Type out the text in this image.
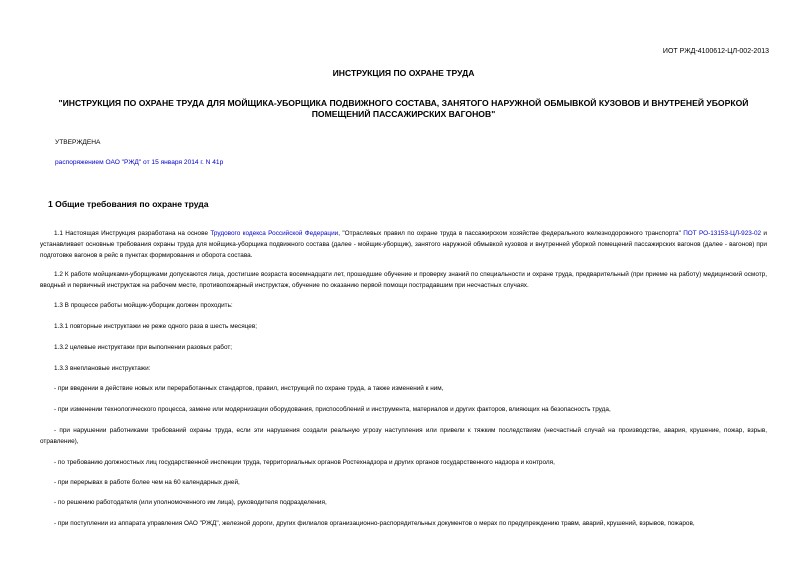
ИОТ РЖД-4100612-ЦЛ-002-2013
ИНСТРУКЦИЯ ПО ОХРАНЕ ТРУДА
"ИНСТРУКЦИЯ ПО ОХРАНЕ ТРУДА ДЛЯ МОЙЩИКА-УБОРЩИКА ПОДВИЖНОГО СОСТАВА, ЗАНЯТОГО НАРУЖНОЙ ОБМЫВКОЙ КУЗОВОВ И ВНУТРЕНЕЙ УБОРКОЙ ПОМЕЩЕНИЙ ПАССАЖИРСКИХ ВАГОНОВ"
УТВЕРЖДЕНА
распоряжением ОАО "РЖД" от 15 января 2014 г. N 41р
1 Общие требования по охране труда
1.1 Настоящая Инструкция разработана на основе Трудового кодекса Российской Федерации, "Отраслевых правил по охране труда в пассажирском хозяйстве федерального железнодорожного транспорта" ПОТ РО-13153-ЦЛ-923-02 и устанавливает основные требования охраны труда для мойщика-уборщика подвижного состава (далее - мойщик-уборщик), занятого наружной обмывкой кузовов и внутренней уборкой помещений пассажирских вагонов (далее - вагонов) при подготовке вагонов в рейс в пунктах формирования и оборота состава.
1.2 К работе мойщиками-уборщиками допускаются лица, достигшие возраста восемнадцати лет, прошедшие обучение и проверку знаний по специальности и охране труда, предварительный (при приеме на работу) медицинский осмотр, вводный и первичный инструктаж на рабочем месте, противопожарный инструктаж, обучение по оказанию первой помощи пострадавшим при несчастных случаях.
1.3 В процессе работы мойщик-уборщик должен проходить:
1.3.1 повторные инструктажи не реже одного раза в шесть месяцев;
1.3.2 целевые инструктажи при выполнении разовых работ;
1.3.3 внеплановые инструктажи:
- при введении в действие новых или переработанных стандартов, правил, инструкций по охране труда, а также изменений к ним,
- при изменении технологического процесса, замене или модернизации оборудования, приспособлений и инструмента, материалов и других факторов, влияющих на безопасность труда,
- при нарушении работниками требований охраны труда, если эти нарушения создали реальную угрозу наступления или привели к тяжким последствиям (несчастный случай на производстве, авария, крушение, пожар, взрыв, отравление),
- по требованию должностных лиц государственной инспекции труда, территориальных органов Ростехнадзора и других органов государственного надзора и контроля,
- при перерывах в работе более чем на 60 календарных дней,
- по решению работодателя (или уполномоченного им лица), руководителя подразделения,
- при поступлении из аппарата управления ОАО "РЖД", железной дороги, других филиалов организационно-распорядительных документов о мерах по предупреждению травм, аварий, крушений, взрывов, пожаров,
